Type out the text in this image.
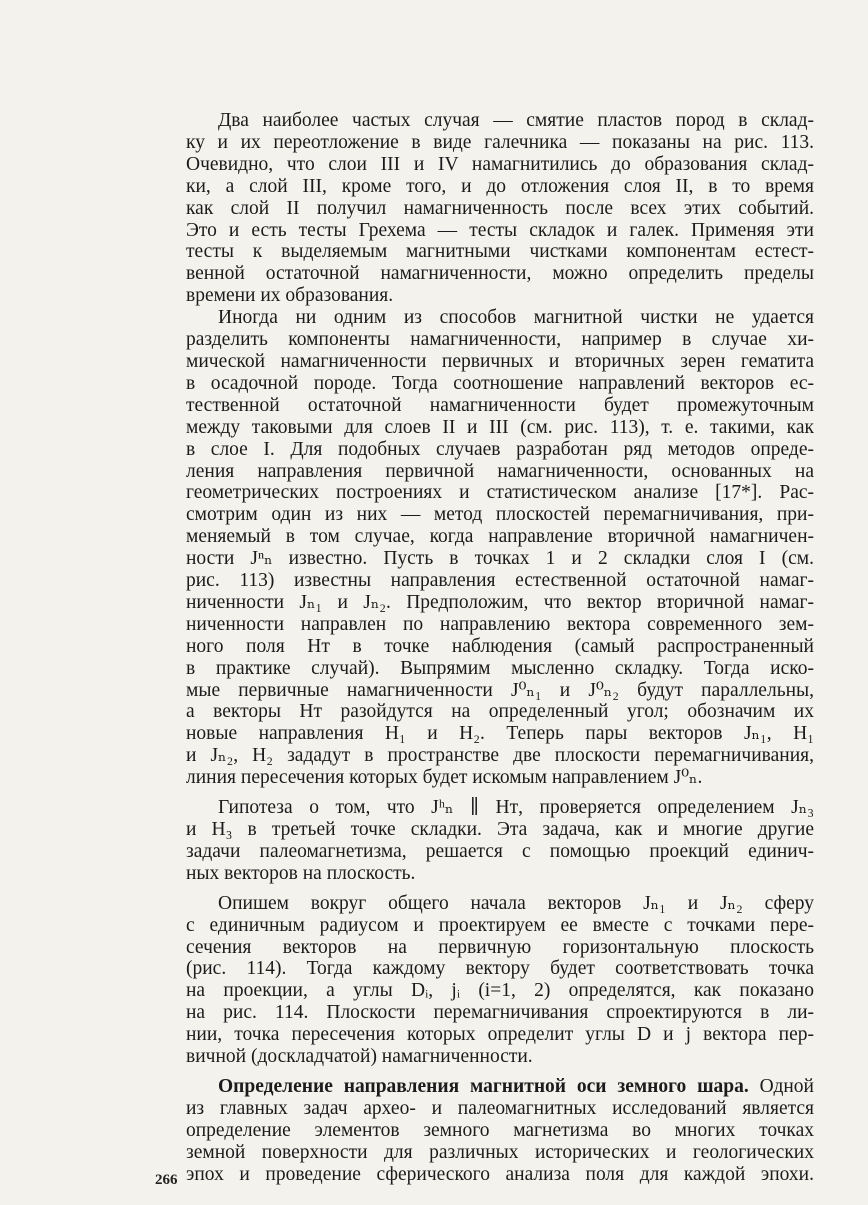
Два наиболее частых случая — смятие пластов пород в склад-
ку и их переотложение в виде галечника — показаны на рис. 113.
Очевидно, что слои III и IV намагнитились до образования склад-
ки, а слой III, кроме того, и до отложения слоя II, в то время
как слой II получил намагниченность после всех этих событий.
Это и есть тесты Грехема — тесты складок и галек. Применяя эти
тесты к выделяемым магнитными чистками компонентам естест-
венной остаточной намагниченности, можно определить пределы
времени их образования.
Иногда ни одним из способов магнитной чистки не удается
разделить компоненты намагниченности, например в случае хи-
мической намагниченности первичных и вторичных зерен гематита
в осадочной породе. Тогда соотношение направлений векторов ес-
тественной остаточной намагниченности будет промежуточным
между таковыми для слоев II и III (см. рис. 113), т. е. такими, как
в слое I. Для подобных случаев разработан ряд методов опреде-
ления направления первичной намагниченности, основанных на
геометрических построениях и статистическом анализе [17*]. Рас-
смотрим один из них — метод плоскостей перемагничивания, при-
меняемый в том случае, когда направление вторичной намагничен-
ности Jⁿₙ известно. Пусть в точках 1 и 2 складки слоя I (см.
рис. 113) известны направления естественной остаточной намаг-
ниченности Jₙ₁ и Jₙ₂. Предположим, что вектор вторичной намаг-
ниченности направлен по направлению вектора современного зем-
ного поля Hᴛ в точке наблюдения (самый распространенный
в практике случай). Выпрямим мысленно складку. Тогда иско-
мые первичные намагниченности J⁰ₙ₁ и J⁰ₙ₂ будут параллельны,
а векторы Hᴛ разойдутся на определенный угол; обозначим их
новые направления H₁ и H₂. Теперь пары векторов Jₙ₁, H₁
и Jₙ₂, H₂ зададут в пространстве две плоскости перемагничивания,
линия пересечения которых будет искомым направлением J⁰ₙ.
Гипотеза о том, что Jʰₙ ∥ Hᴛ, проверяется определением Jₙ₃
и H₃ в третьей точке складки. Эта задача, как и многие другие
задачи палеомагнетизма, решается с помощью проекций единич-
ных векторов на плоскость.
Опишем вокруг общего начала векторов Jₙ₁ и Jₙ₂ сферу
с единичным радиусом и проектируем ее вместе с точками пере-
сечения векторов на первичную горизонтальную плоскость
(рис. 114). Тогда каждому вектору будет соответствовать точка
на проекции, а углы Dᵢ, jᵢ (i=1, 2) определятся, как показано
на рис. 114. Плоскости перемагничивания спроектируются в ли-
нии, точка пересечения которых определит углы D и j вектора пер-
вичной (доскладчатой) намагниченности.
Определение направления магнитной оси земного шара. Одной
из главных задач архео- и палеомагнитных исследований является
определение элементов земного магнетизма во многих точках
земной поверхности для различных исторических и геологических
эпох и проведение сферического анализа поля для каждой эпохи.
266
